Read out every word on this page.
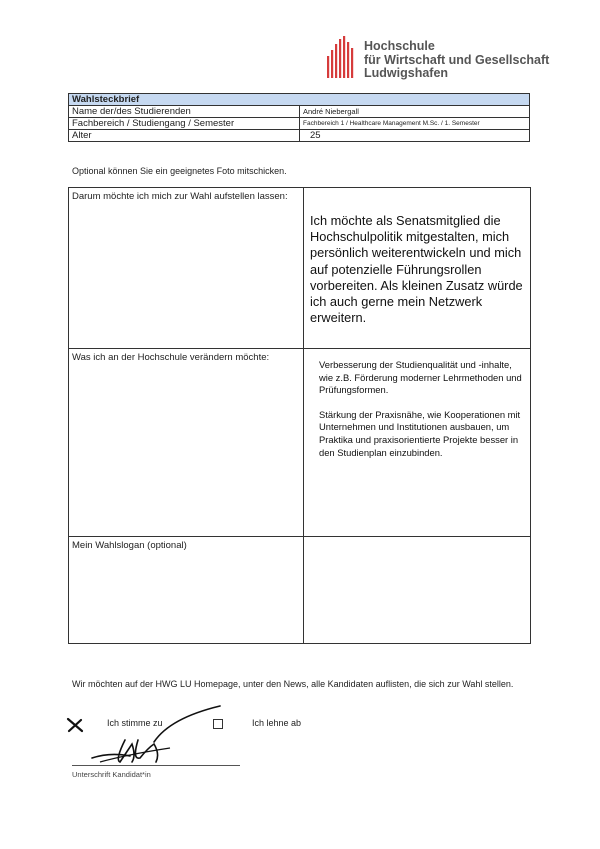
Hochschule
für Wirtschaft und Gesellschaft
Ludwigshafen
Wahlsteckbrief	
Name der/des Studierenden	André Niebergall
Fachbereich / Studiengang / Semester	Fachbereich 1 / Healthcare Management M.Sc. / 1. Semester
Alter	25
Optional können Sie ein geeignetes Foto mitschicken.
Darum möchte ich mich zur Wahl aufstellen lassen:	Ich möchte als Senatsmitglied die Hochschulpolitik mitgestalten, mich persönlich weiterentwickeln und mich auf potenzielle Führungsrollen vorbereiten. Als kleinen Zusatz würde ich auch gerne mein Netzwerk erweitern.

Was ich an der Hochschule verändern möchte:	Verbesserung der Studienqualität und -inhalte, wie z.B. Förderung moderner Lehrmethoden und Prüfungsformen.

Stärkung der Praxisnähe, wie Kooperationen mit Unternehmen und Institutionen ausbauen, um Praktika und praxisorientierte Projekte besser in den Studienplan einzubinden.

Mein Wahlslogan (optional)	
Wir möchten auf der HWG LU Homepage, unter den News, alle Kandidaten auflisten, die sich zur Wahl stellen.
Ich stimme zu	Ich lehne ab
Unterschrift Kandidat*in
